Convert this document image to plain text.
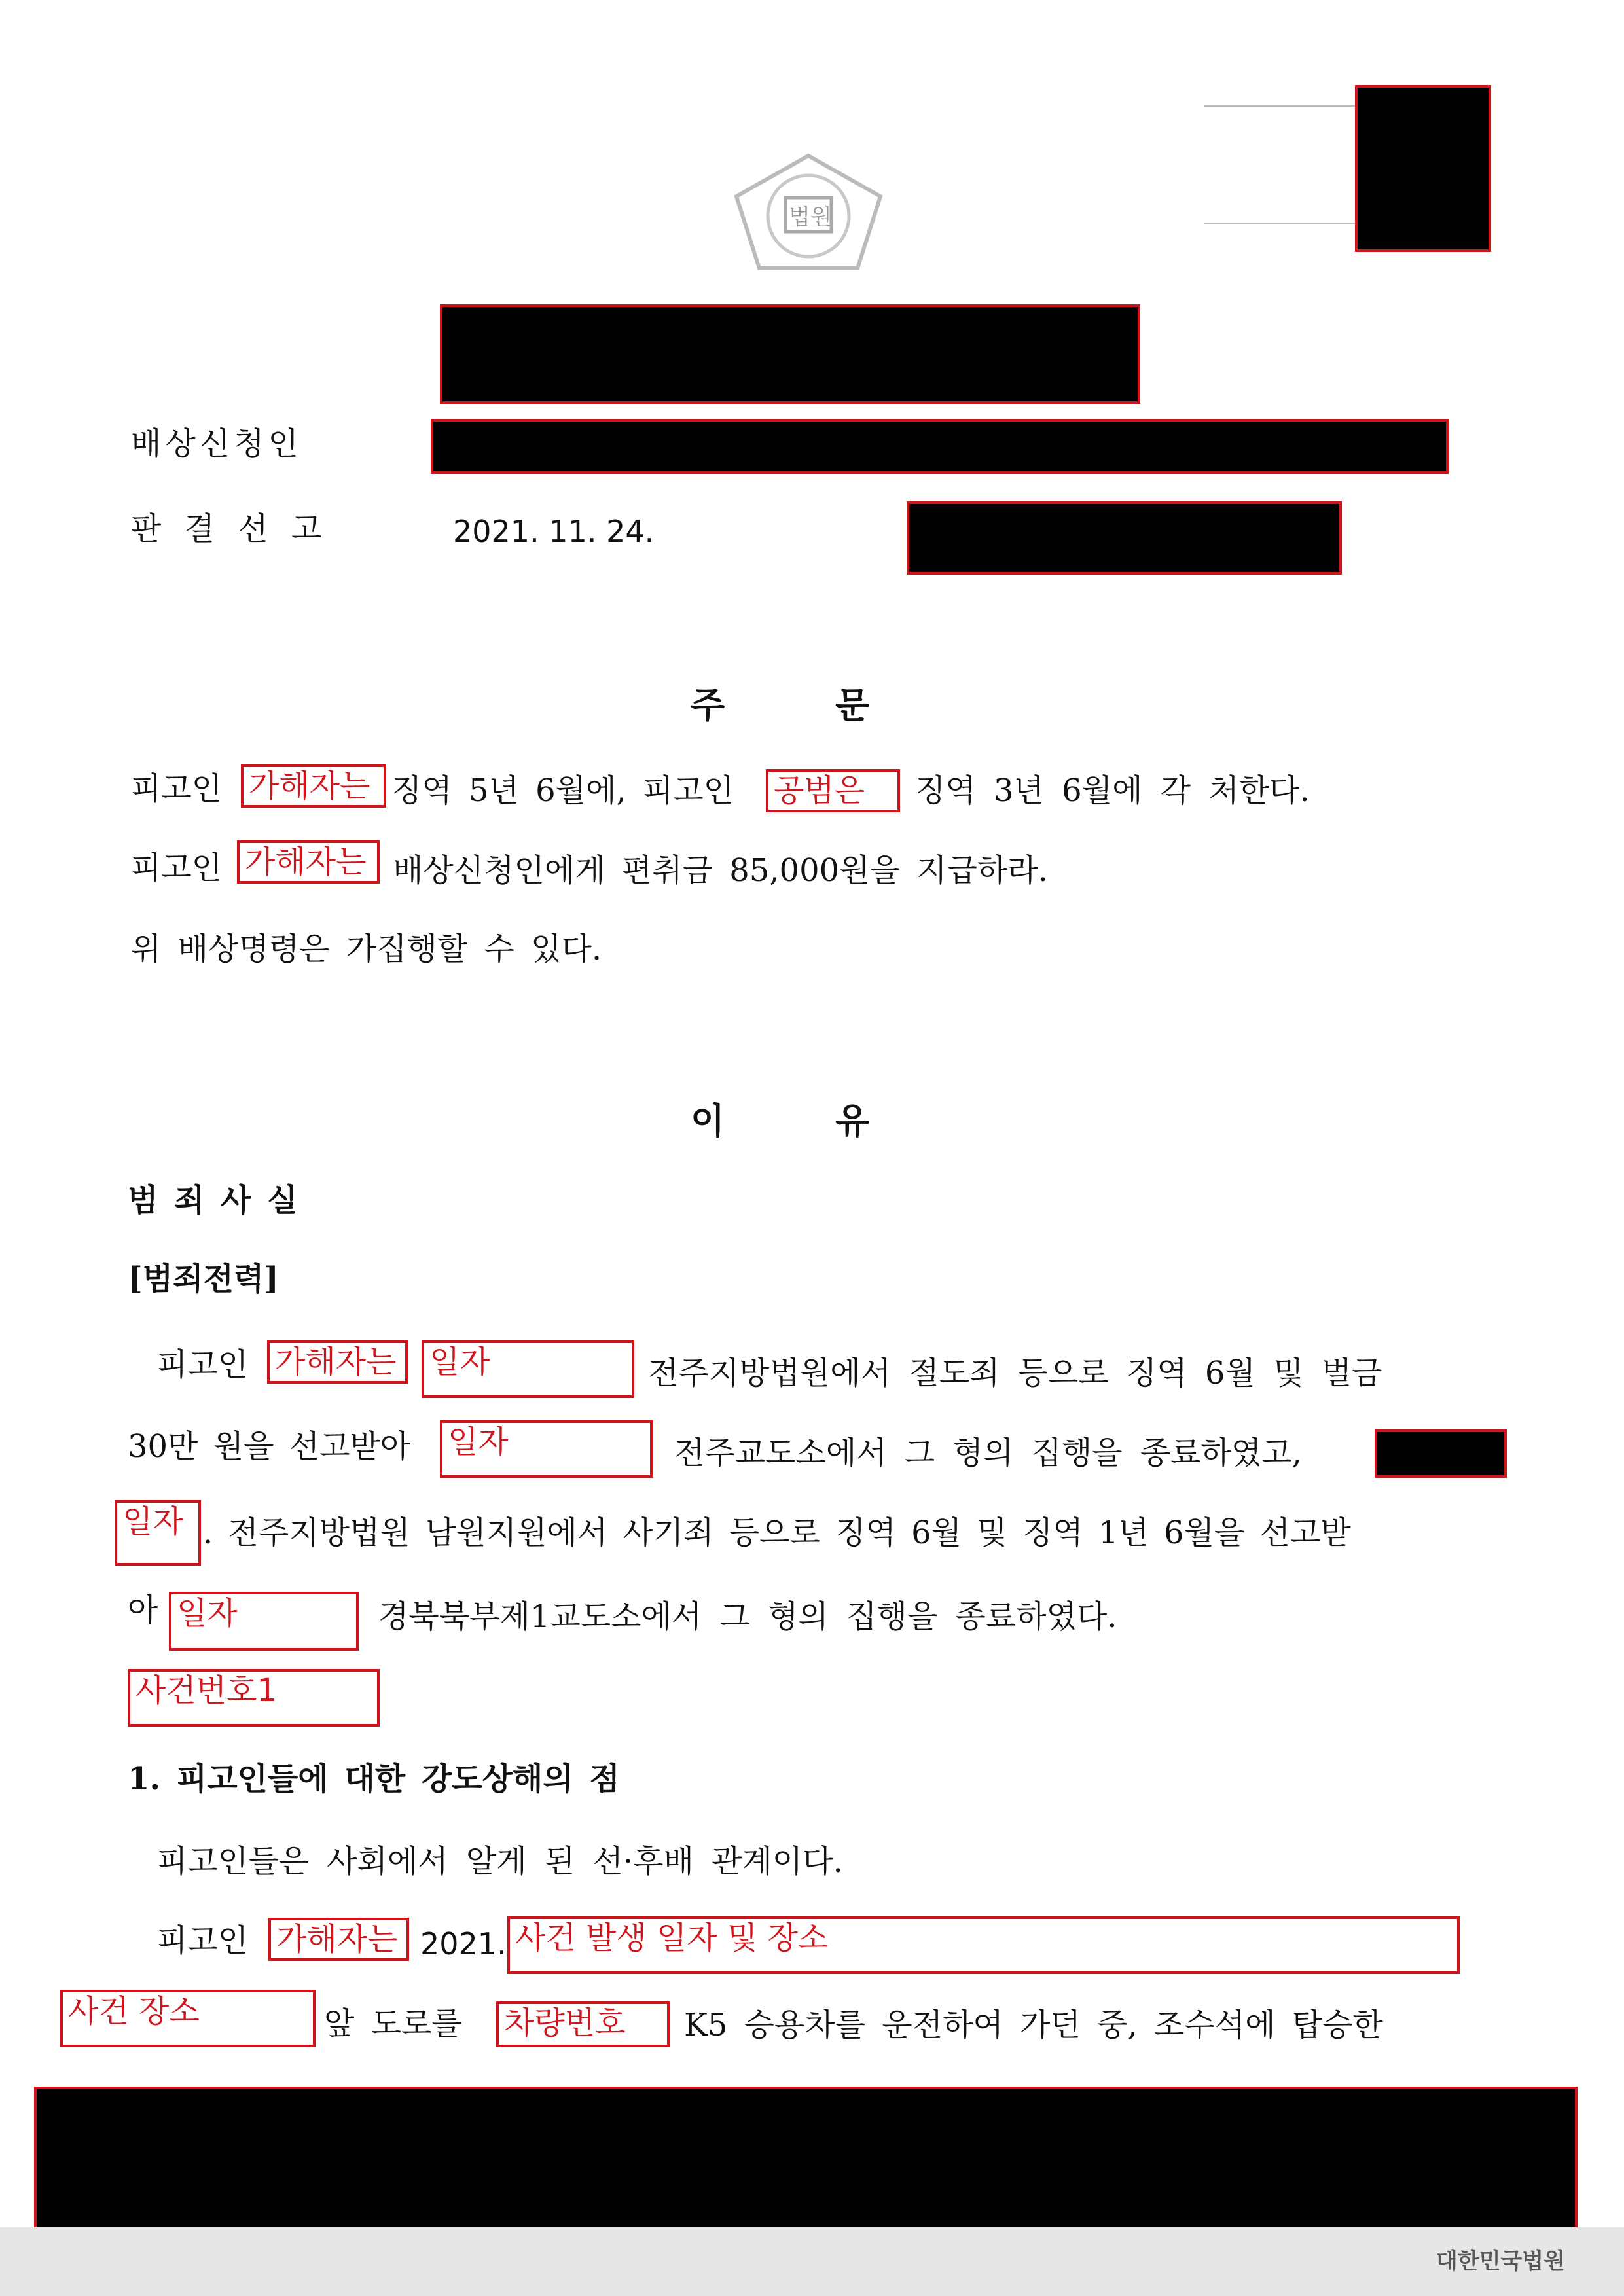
법원
배상신청인
판 결 선 고	2021. 11. 24.
주 문
피고인 가해자는 징역 5년 6월에, 피고인 공범은	징역 3년 6월에 각 처한다.
피고인 가해자는 배상신청인에게 편취금 85,000원을 지급하라.
위 배상명령은 가집행할 수 있다.
이 유
범 죄 사 실
[범죄전력]
피고인 가해자는	일자	전주지방법원에서 절도죄 등으로 징역 6월 및 벌금
30만 원을 선고받아 일자	전주교도소에서 그 형의 집행을 종료하였고,
일자 . 전주지방법원 남원지원에서 사기죄 등으로 징역 6월 및 징역 1년 6월을 선고받
아 일자	경북북부제1교도소에서 그 형의 집행을 종료하였다.
사건번호1
1. 피고인들에 대한 강도상해의 점
피고인들은 사회에서 알게 된 선·후배 관계이다.
피고인 가해자는 2021. 사건 발생 일자 및 장소
사건 장소	앞 도로를 차량번호	K5 승용차를 운전하여 가던 중, 조수석에 탑승한
대한민국법원
